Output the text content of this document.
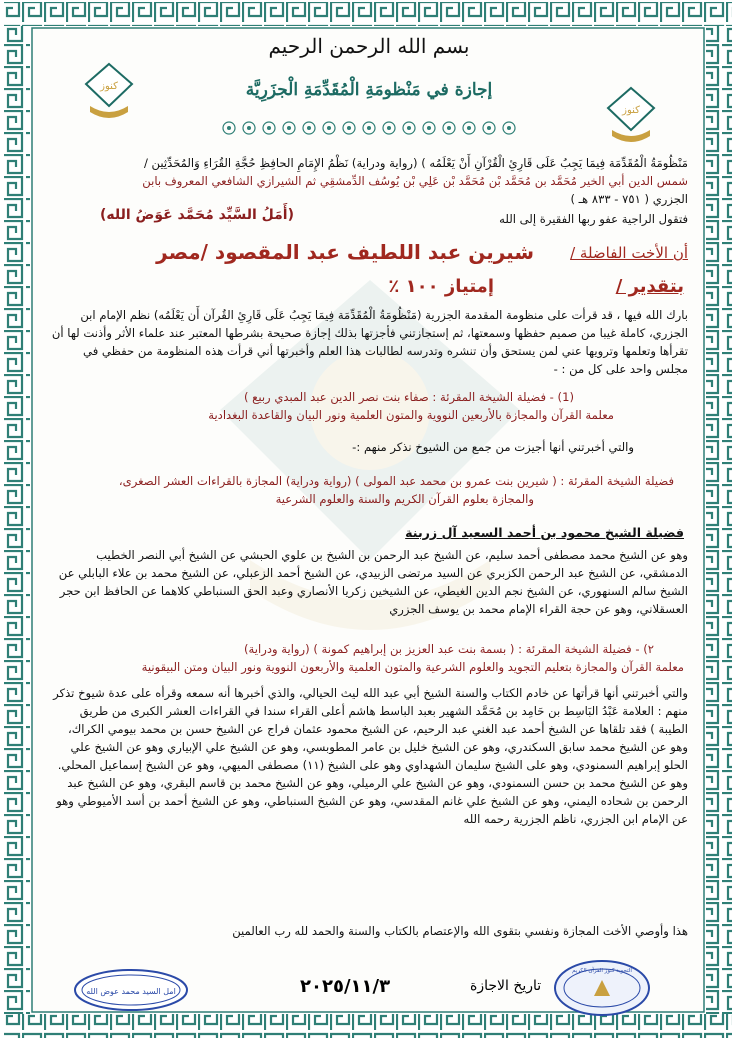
كنوز
كنوز
بسم الله الرحمن الرحيم
إجازة في مَنْظومَةِ الْمُقَدِّمَةِ الْجزَرِيَّة
مَنْظُومَةُ الْمُقَدِّمَة فِيمَا يَجِبُ عَلَى قَارِئِ الْقُرْآنِ أَنْ يَعْلَمُه ) (رواية ودراية) نَظْمُ الإِمَامِ الحافِظِ حُجَّةِ القُرَاءِ وَالمُحَدِّثِين /
شمس الدين أبي الخير مُحَمَّد بن مُحَمَّد بْن مُحَمَّد بْن عَلِي بْن يُوسُف الدِّمشقِي ثم الشيرازي الشافعي المعروف بابن
الجزري ( ٧٥١ - ٨٣٣ هـ )
فتقول الراجية عفو ربها الفقيرة إلى الله
(أَمَلُ السَّيِّد مُحَمَّد عَوَضُ الله)
أن الأخت الفاضلة /
شيرين عبد اللطيف عبد المقصود /مصر
بتقدير /
إمتياز ١٠٠ ٪
بارك الله فيها ، قد قرأت على منظومة المقدمة الجزرية (مَنْظُومَةُ الْمُقَدِّمَة فِيمَا يَجِبُ عَلَى قَارِئِ القُرآن أَن يَعْلَمُه) نظم الإمام ابن الجزري، كاملة غيبا من صميم حفظها وسمعتها، ثم إستجازتني فأجزتها بذلك إجازة صحيحة بشرطها المعتبر عند علماء الأثر وأذنت لها أن تقرأها وتعلمها وترويها عني لمن يستحق وأن تنشره وتدرسه لطالبات هذا العلم وأخبرتها أني قرأت هذه المنظومة من حفظي في مجلس واحد على كل من : -
(1) - فضيلة الشيخة المقرئة : صفاء بنت نصر الدين عبد المبدي ربيع )
معلمة القرآن والمجازة بالأربعين النووية والمتون العلمية ونور البيان والقاعدة البغدادية
والتي أخبرتني أنها أجيزت من جمع من الشيوخ نذكر منهم :-
فضيلة الشيخة المقرئة : ( شيرين بنت عمرو بن محمد عبد المولى ) (رواية ودراية) المجازة بالقراءات العشر الصغرى،
والمجازة بعلوم القرآن الكريم والسنة والعلوم الشرعية
فضيلة الشيخ محمود بن أحمد السعيد آل زربنة
وهو عن الشيخ محمد مصطفى أحمد سليم، عن الشيخ عبد الرحمن بن الشيخ بن علوي الحبشي عن الشيخ أبي النصر الخطيب الدمشقي، عن الشيخ عبد الرحمن الكزبري عن السيد مرتضى الزبيدي، عن الشيخ أحمد الزعبلي، عن الشيخ محمد بن علاء البابلي عن الشيخ سالم السنهوري، عن الشيخ نجم الدين الغيطي، عن الشيخين زكريا الأنصاري وعبد الحق السنباطي كلاهما عن الحافظ ابن حجر العسقلاني، وهو عن حجة القراء الإمام محمد بن يوسف الجزري
٢) - فضيلة الشيخة المقرئة : ( بسمة بنت عبد العزيز بن إبراهيم كمونة ) (رواية ودراية)
معلمة القرآن والمجازة بتعليم التجويد والعلوم الشرعية والمتون العلمية والأربعون النووية ونور البيان ومتن البيقونية
والتي أخبرتني أنها قرأتها عن خادم الكتاب والسنة الشيخ أبي عبد الله ليث الحيالي، والذي أخبرها أنه سمعه وقرأه على عدة شيوخ تذكر منهم : العلامة عَبْدُ البَاسِط بن حَامِد بن مُحَمَّد الشهير بعبد الباسط هاشم أعلى القراء سندا في القراءات العشر الكبرى من طريق الطيبة ) فقد تلقاها عن الشيخ أحمد عبد الغني عبد الرحيم، عن الشيخ محمود عثمان فراج عن الشيخ حسن بن محمد بيومي الكراك، وهو عن الشيخ محمد سابق السكندري، وهو عن الشيخ خليل بن عامر المطوبسي، وهو عن الشيخ علي الإبياري وهو عن الشيخ علي الحلو إبراهيم السمنودي، وهو على الشيخ سليمان الشهداوي وهو على الشيخ (١١) مصطفى الميهي، وهو عن الشيخ إسماعيل المحلي. وهو عن الشيخ محمد بن حسن السمنودي، وهو عن الشيخ علي الرميلي، وهو عن الشيخ محمد بن قاسم البقري، وهو عن الشيخ عبد الرحمن بن شحاده اليمني، وهو عن الشيخ علي غانم المقدسي، وهو عن الشيخ السنباطي، وهو عن الشيخ أحمد بن أسد الأميوطي وهو عن الإمام ابن الجزري، ناظم الجزرية رحمه الله
هذا وأوصي الأخت المجازة ونفسي بتقوى الله والإعتصام بالكتاب والسنة والحمد لله رب العالمين
امل السيد محمد عوض الله	٢٠٢٥/١١/٣	تاريخ الاجازة
التجويد كنوز القرآن الكريم
